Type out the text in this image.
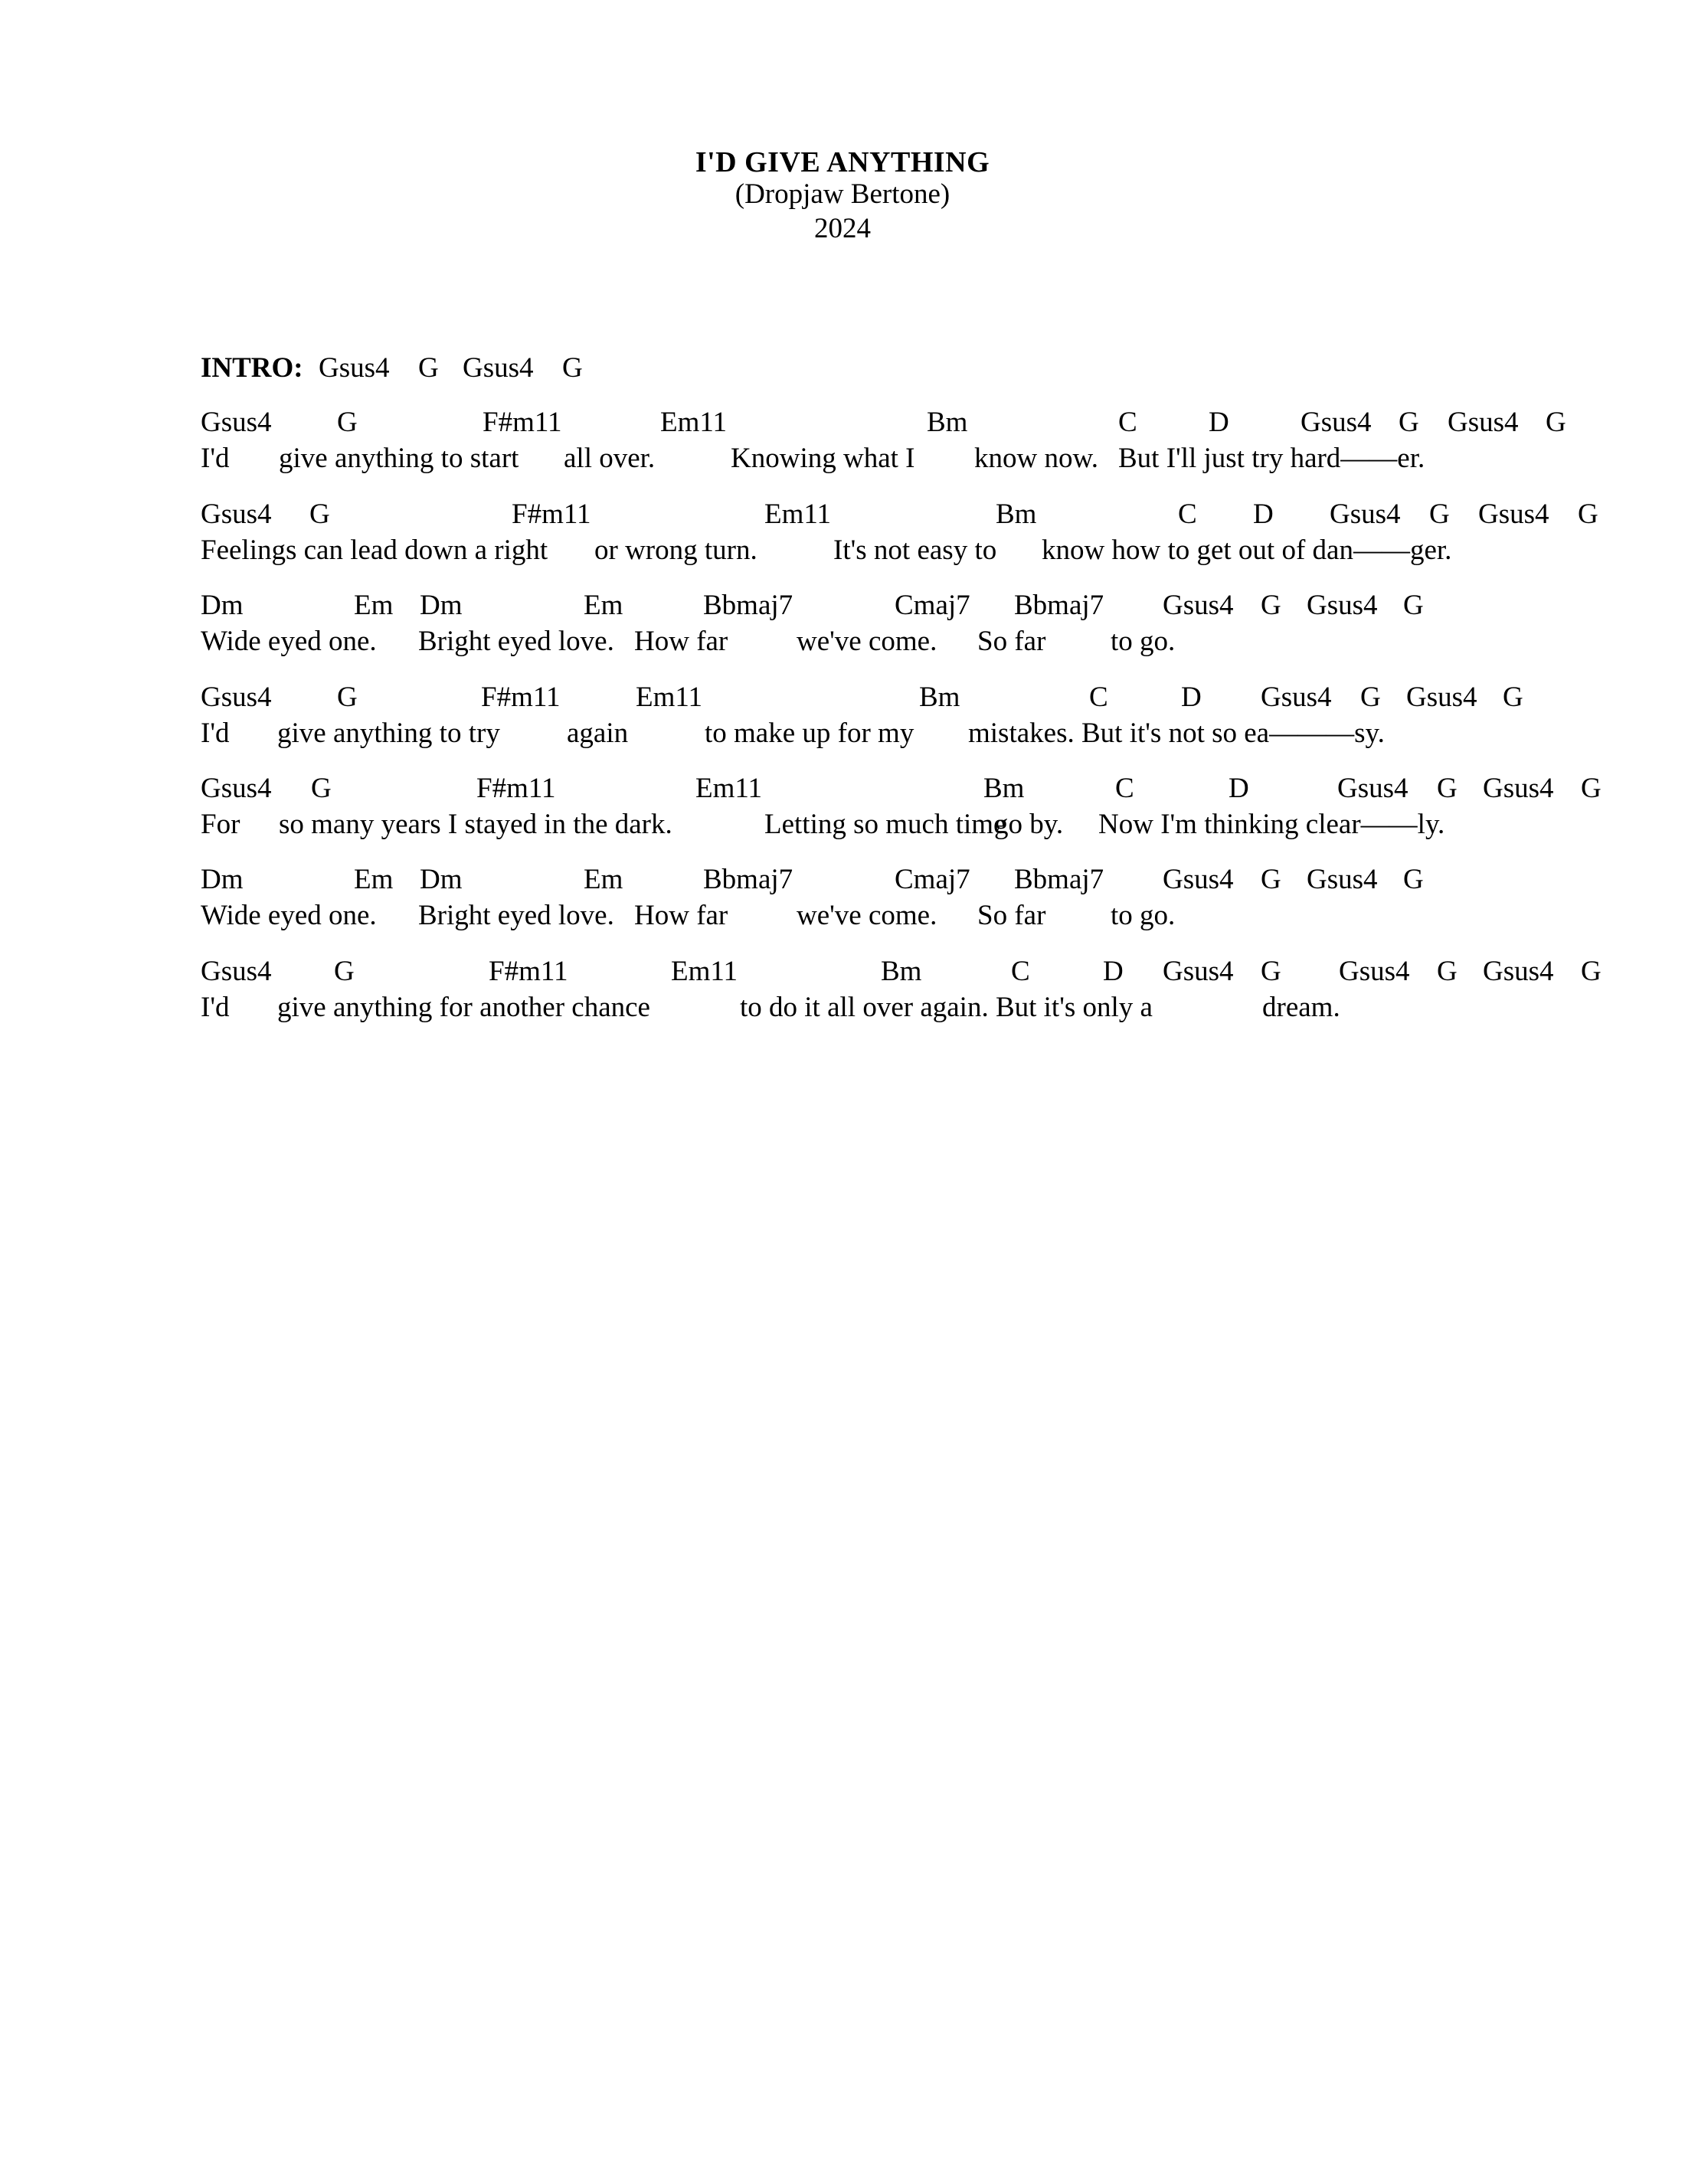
I'D GIVE ANYTHING
(Dropjaw Bertone)
2024
INTRO: Gsus4 G Gsus4 G
Gsus4 G	F#m11	Em11	Bm	C	D	Gsus4 G Gsus4 G
I'd give anything to start all over.	Knowing what I know now. But I'll just try hard——er.
Gsus4 G	F#m11	Em11	Bm	C D Gsus4 G Gsus4 G
Feelings can lead down a right or wrong turn.	It's not easy to know how to get out of dan——ger.
Dm	Em Dm	Em	Bbmaj7	Cmaj7 Bbmaj7 Gsus4 G Gsus4 G
Wide eyed one. Bright eyed love. How far we've come. So far to go.
Gsus4 G	F#m11	Em11	Bm	C	D Gsus4 G Gsus4 G
I'd give anything to try again	to make up for my mistakes. But it's not so ea———sy.
Gsus4 G	F#m11	Em11	Bm	C	D	Gsus4 G Gsus4 G
For so many years I stayed in the dark.	Letting so much time
go by. Now I'm thinking clear——ly.
Dm	Em Dm	Em	Bbmaj7	Cmaj7 Bbmaj7 Gsus4 G Gsus4 G
Wide eyed one. Bright eyed love. How far we've come. So far to go.
Gsus4 G	F#m11	Em11	Bm	C	D Gsus4 G Gsus4 G Gsus4 G
I'd give anything for another chance	to do it all over again. But it's only a	dream.
